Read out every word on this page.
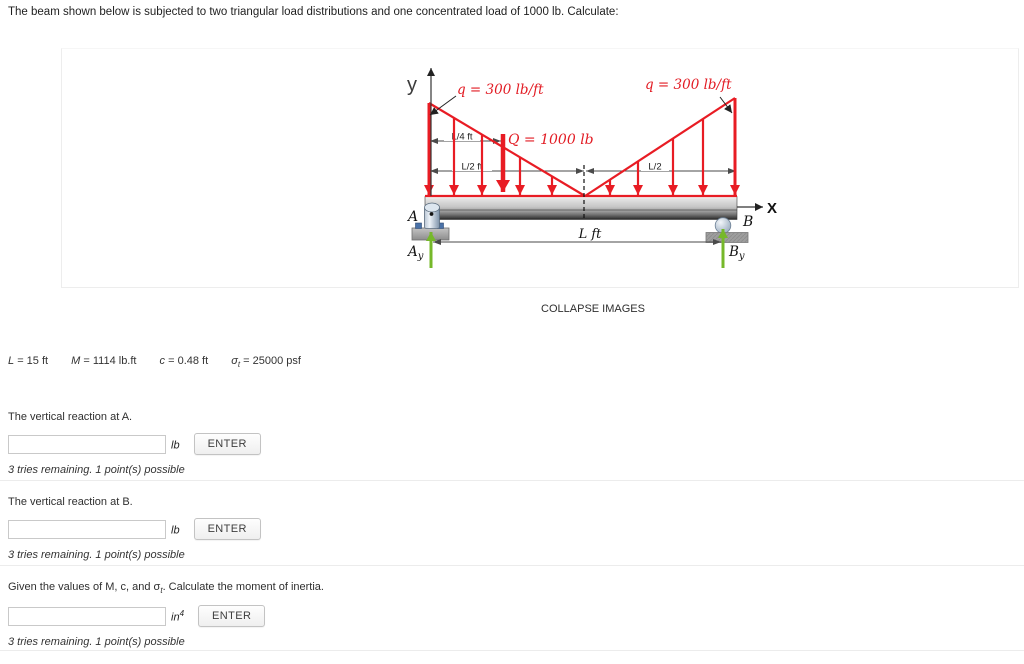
The beam shown below is subjected to two triangular load distributions and one concentrated load of 1000 lb. Calculate:
L/4 ft
L/2 ft	L/2
y
X
q = 300 lb/ft	q = 300 lb/ft
Q = 1000 lb
L ft
A	B
$A_y$	$B_y$
COLLAPSE IMAGES
L = 15 ft M = 1114 lb.ft c = 0.48 ft $\sigma_t = 25000$ psf
The vertical reaction at A.
lb	ENTER
3 tries remaining. 1 point(s) possible
The vertical reaction at B.
lb	ENTER
3 tries remaining. 1 point(s) possible
Given the values of M, c, and $\sigma_t$. Calculate the moment of inertia.
$in^4$	ENTER
3 tries remaining. 1 point(s) possible
